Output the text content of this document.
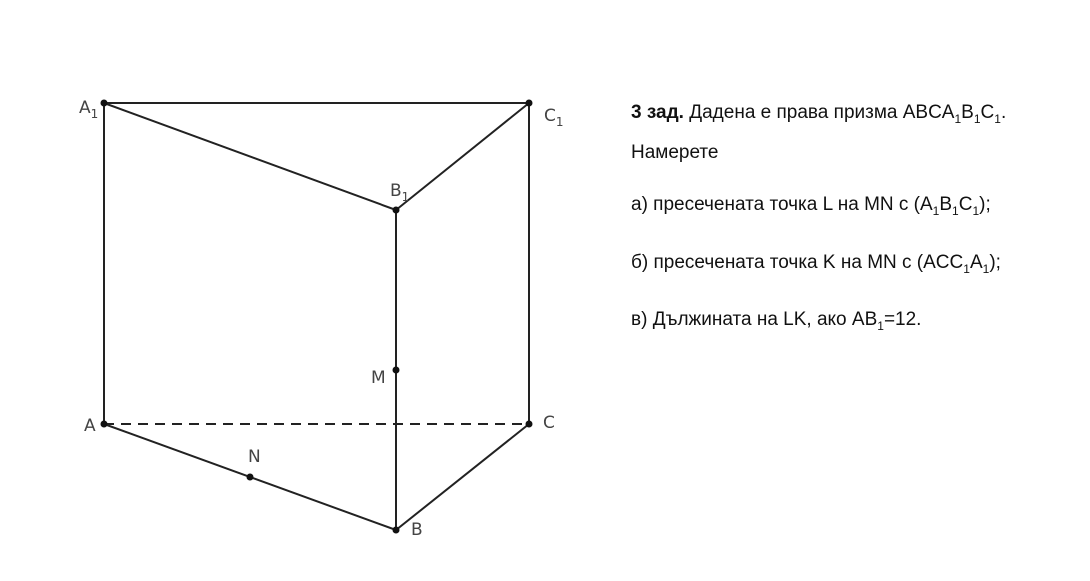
$A_1$	$C_1$
$B_1$
M
A	C
N
B

3 зад. Дадена е права призма $ABCA_1B_1C_1$.

Намерете

а) пресечената точка L на MN с $(A_1B_1C_1)$;

б) пресечената точка K на MN с $(ACC_1A_1)$;

в) Дължината на LK, ако $AB_1=12$.
